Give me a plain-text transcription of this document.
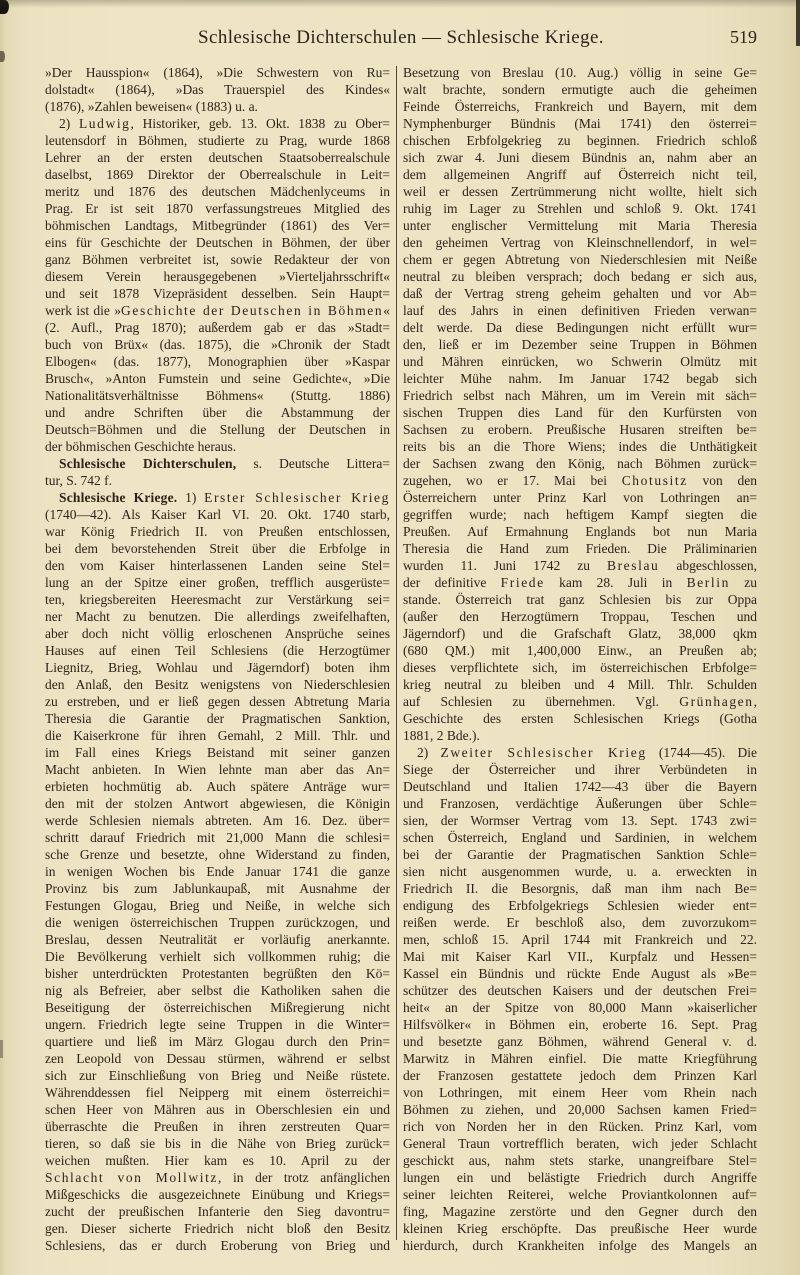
Schlesische Dichterschulen — Schlesische Kriege.	519
»Der Hausspion« (1864), »Die Schwestern von Ru=
dolstadt« (1864), »Das Trauerspiel des Kindes«
(1876), »Zahlen beweisen« (1883) u. a.
2) Ludwig, Historiker, geb. 13. Okt. 1838 zu Ober=
leutensdorf in Böhmen, studierte zu Prag, wurde 1868
Lehrer an der ersten deutschen Staatsoberrealschule
daselbst, 1869 Direktor der Oberrealschule in Leit=
meritz und 1876 des deutschen Mädchenlyceums in
Prag. Er ist seit 1870 verfassungstreues Mitglied des
böhmischen Landtags, Mitbegründer (1861) des Ver=
eins für Geschichte der Deutschen in Böhmen, der über
ganz Böhmen verbreitet ist, sowie Redakteur der von
diesem Verein herausgegebenen »Vierteljahrsschrift«
und seit 1878 Vizepräsident desselben. Sein Haupt=
werk ist die »Geschichte der Deutschen in Böhmen«
(2. Aufl., Prag 1870); außerdem gab er das »Stadt=
buch von Brüx« (das. 1875), die »Chronik der Stadt
Elbogen« (das. 1877), Monographien über »Kaspar
Brusch«, »Anton Fumstein und seine Gedichte«, »Die
Nationalitätsverhältnisse Böhmens« (Stuttg. 1886)
und andre Schriften über die Abstammung der
Deutsch=Böhmen und die Stellung der Deutschen in
der böhmischen Geschichte heraus.
Schlesische Dichterschulen, s. Deutsche Littera=
tur, S. 742 f.
Schlesische Kriege. 1) Erster Schlesischer Krieg
(1740—42). Als Kaiser Karl VI. 20. Okt. 1740 starb,
war König Friedrich II. von Preußen entschlossen,
bei dem bevorstehenden Streit über die Erbfolge in
den vom Kaiser hinterlassenen Landen seine Stel=
lung an der Spitze einer großen, trefflich ausgerüste=
ten, kriegsbereiten Heeresmacht zur Verstärkung sei=
ner Macht zu benutzen. Die allerdings zweifelhaften,
aber doch nicht völlig erloschenen Ansprüche seines
Hauses auf einen Teil Schlesiens (die Herzogtümer
Liegnitz, Brieg, Wohlau und Jägerndorf) boten ihm
den Anlaß, den Besitz wenigstens von Niederschlesien
zu erstreben, und er ließ gegen dessen Abtretung Maria
Theresia die Garantie der Pragmatischen Sanktion,
die Kaiserkrone für ihren Gemahl, 2 Mill. Thlr. und
im Fall eines Kriegs Beistand mit seiner ganzen
Macht anbieten. In Wien lehnte man aber das An=
erbieten hochmütig ab. Auch spätere Anträge wur=
den mit der stolzen Antwort abgewiesen, die Königin
werde Schlesien niemals abtreten. Am 16. Dez. über=
schritt darauf Friedrich mit 21,000 Mann die schlesi=
sche Grenze und besetzte, ohne Widerstand zu finden,
in wenigen Wochen bis Ende Januar 1741 die ganze
Provinz bis zum Jablunkaupaß, mit Ausnahme der
Festungen Glogau, Brieg und Neiße, in welche sich
die wenigen österreichischen Truppen zurückzogen, und
Breslau, dessen Neutralität er vorläufig anerkannte.
Die Bevölkerung verhielt sich vollkommen ruhig; die
bisher unterdrückten Protestanten begrüßten den Kö=
nig als Befreier, aber selbst die Katholiken sahen die
Beseitigung der österreichischen Mißregierung nicht
ungern. Friedrich legte seine Truppen in die Winter=
quartiere und ließ im März Glogau durch den Prin=
zen Leopold von Dessau stürmen, während er selbst
sich zur Einschließung von Brieg und Neiße rüstete.
Währenddessen fiel Neipperg mit einem österreichi=
schen Heer von Mähren aus in Oberschlesien ein und
überraschte die Preußen in ihren zerstreuten Quar=
tieren, so daß sie bis in die Nähe von Brieg zurück=
weichen mußten. Hier kam es 10. April zu der
Schlacht von Mollwitz, in der trotz anfänglichen
Mißgeschicks die ausgezeichnete Einübung und Kriegs=
zucht der preußischen Infanterie den Sieg davontru=
gen. Dieser sicherte Friedrich nicht bloß den Besitz
Schlesiens, das er durch Eroberung von Brieg und
Besetzung von Breslau (10. Aug.) völlig in seine Ge=
walt brachte, sondern ermutigte auch die geheimen
Feinde Österreichs, Frankreich und Bayern, mit dem
Nymphenburger Bündnis (Mai 1741) den österrei=
chischen Erbfolgekrieg zu beginnen. Friedrich schloß
sich zwar 4. Juni diesem Bündnis an, nahm aber an
dem allgemeinen Angriff auf Österreich nicht teil,
weil er dessen Zertrümmerung nicht wollte, hielt sich
ruhig im Lager zu Strehlen und schloß 9. Okt. 1741
unter englischer Vermittelung mit Maria Theresia
den geheimen Vertrag von Kleinschnellendorf, in wel=
chem er gegen Abtretung von Niederschlesien mit Neiße
neutral zu bleiben versprach; doch bedang er sich aus,
daß der Vertrag streng geheim gehalten und vor Ab=
lauf des Jahrs in einen definitiven Frieden verwan=
delt werde. Da diese Bedingungen nicht erfüllt wur=
den, ließ er im Dezember seine Truppen in Böhmen
und Mähren einrücken, wo Schwerin Olmütz mit
leichter Mühe nahm. Im Januar 1742 begab sich
Friedrich selbst nach Mähren, um im Verein mit säch=
sischen Truppen dies Land für den Kurfürsten von
Sachsen zu erobern. Preußische Husaren streiften be=
reits bis an die Thore Wiens; indes die Unthätigkeit
der Sachsen zwang den König, nach Böhmen zurück=
zugehen, wo er 17. Mai bei Chotusitz von den
Österreichern unter Prinz Karl von Lothringen an=
gegriffen wurde; nach heftigem Kampf siegten die
Preußen. Auf Ermahnung Englands bot nun Maria
Theresia die Hand zum Frieden. Die Präliminarien
wurden 11. Juni 1742 zu Breslau abgeschlossen,
der definitive Friede kam 28. Juli in Berlin zu
stande. Österreich trat ganz Schlesien bis zur Oppa
(außer den Herzogtümern Troppau, Teschen und
Jägerndorf) und die Grafschaft Glatz, 38,000 qkm
(680 QM.) mit 1,400,000 Einw., an Preußen ab;
dieses verpflichtete sich, im österreichischen Erbfolge=
krieg neutral zu bleiben und 4 Mill. Thlr. Schulden
auf Schlesien zu übernehmen. Vgl. Grünhagen,
Geschichte des ersten Schlesischen Kriegs (Gotha
1881, 2 Bde.).
2) Zweiter Schlesischer Krieg (1744—45). Die
Siege der Österreicher und ihrer Verbündeten in
Deutschland und Italien 1742—43 über die Bayern
und Franzosen, verdächtige Äußerungen über Schle=
sien, der Wormser Vertrag vom 13. Sept. 1743 zwi=
schen Österreich, England und Sardinien, in welchem
bei der Garantie der Pragmatischen Sanktion Schle=
sien nicht ausgenommen wurde, u. a. erweckten in
Friedrich II. die Besorgnis, daß man ihm nach Be=
endigung des Erbfolgekriegs Schlesien wieder ent=
reißen werde. Er beschloß also, dem zuvorzukom=
men, schloß 15. April 1744 mit Frankreich und 22.
Mai mit Kaiser Karl VII., Kurpfalz und Hessen=
Kassel ein Bündnis und rückte Ende August als »Be=
schützer des deutschen Kaisers und der deutschen Frei=
heit« an der Spitze von 80,000 Mann »kaiserlicher
Hilfsvölker« in Böhmen ein, eroberte 16. Sept. Prag
und besetzte ganz Böhmen, während General v. d.
Marwitz in Mähren einfiel. Die matte Kriegführung
der Franzosen gestattete jedoch dem Prinzen Karl
von Lothringen, mit einem Heer vom Rhein nach
Böhmen zu ziehen, und 20,000 Sachsen kamen Fried=
rich von Norden her in den Rücken. Prinz Karl, vom
General Traun vortrefflich beraten, wich jeder Schlacht
geschickt aus, nahm stets starke, unangreifbare Stel=
lungen ein und belästigte Friedrich durch Angriffe
seiner leichten Reiterei, welche Proviantkolonnen auf=
fing, Magazine zerstörte und den Gegner durch den
kleinen Krieg erschöpfte. Das preußische Heer wurde
hierdurch, durch Krankheiten infolge des Mangels an
